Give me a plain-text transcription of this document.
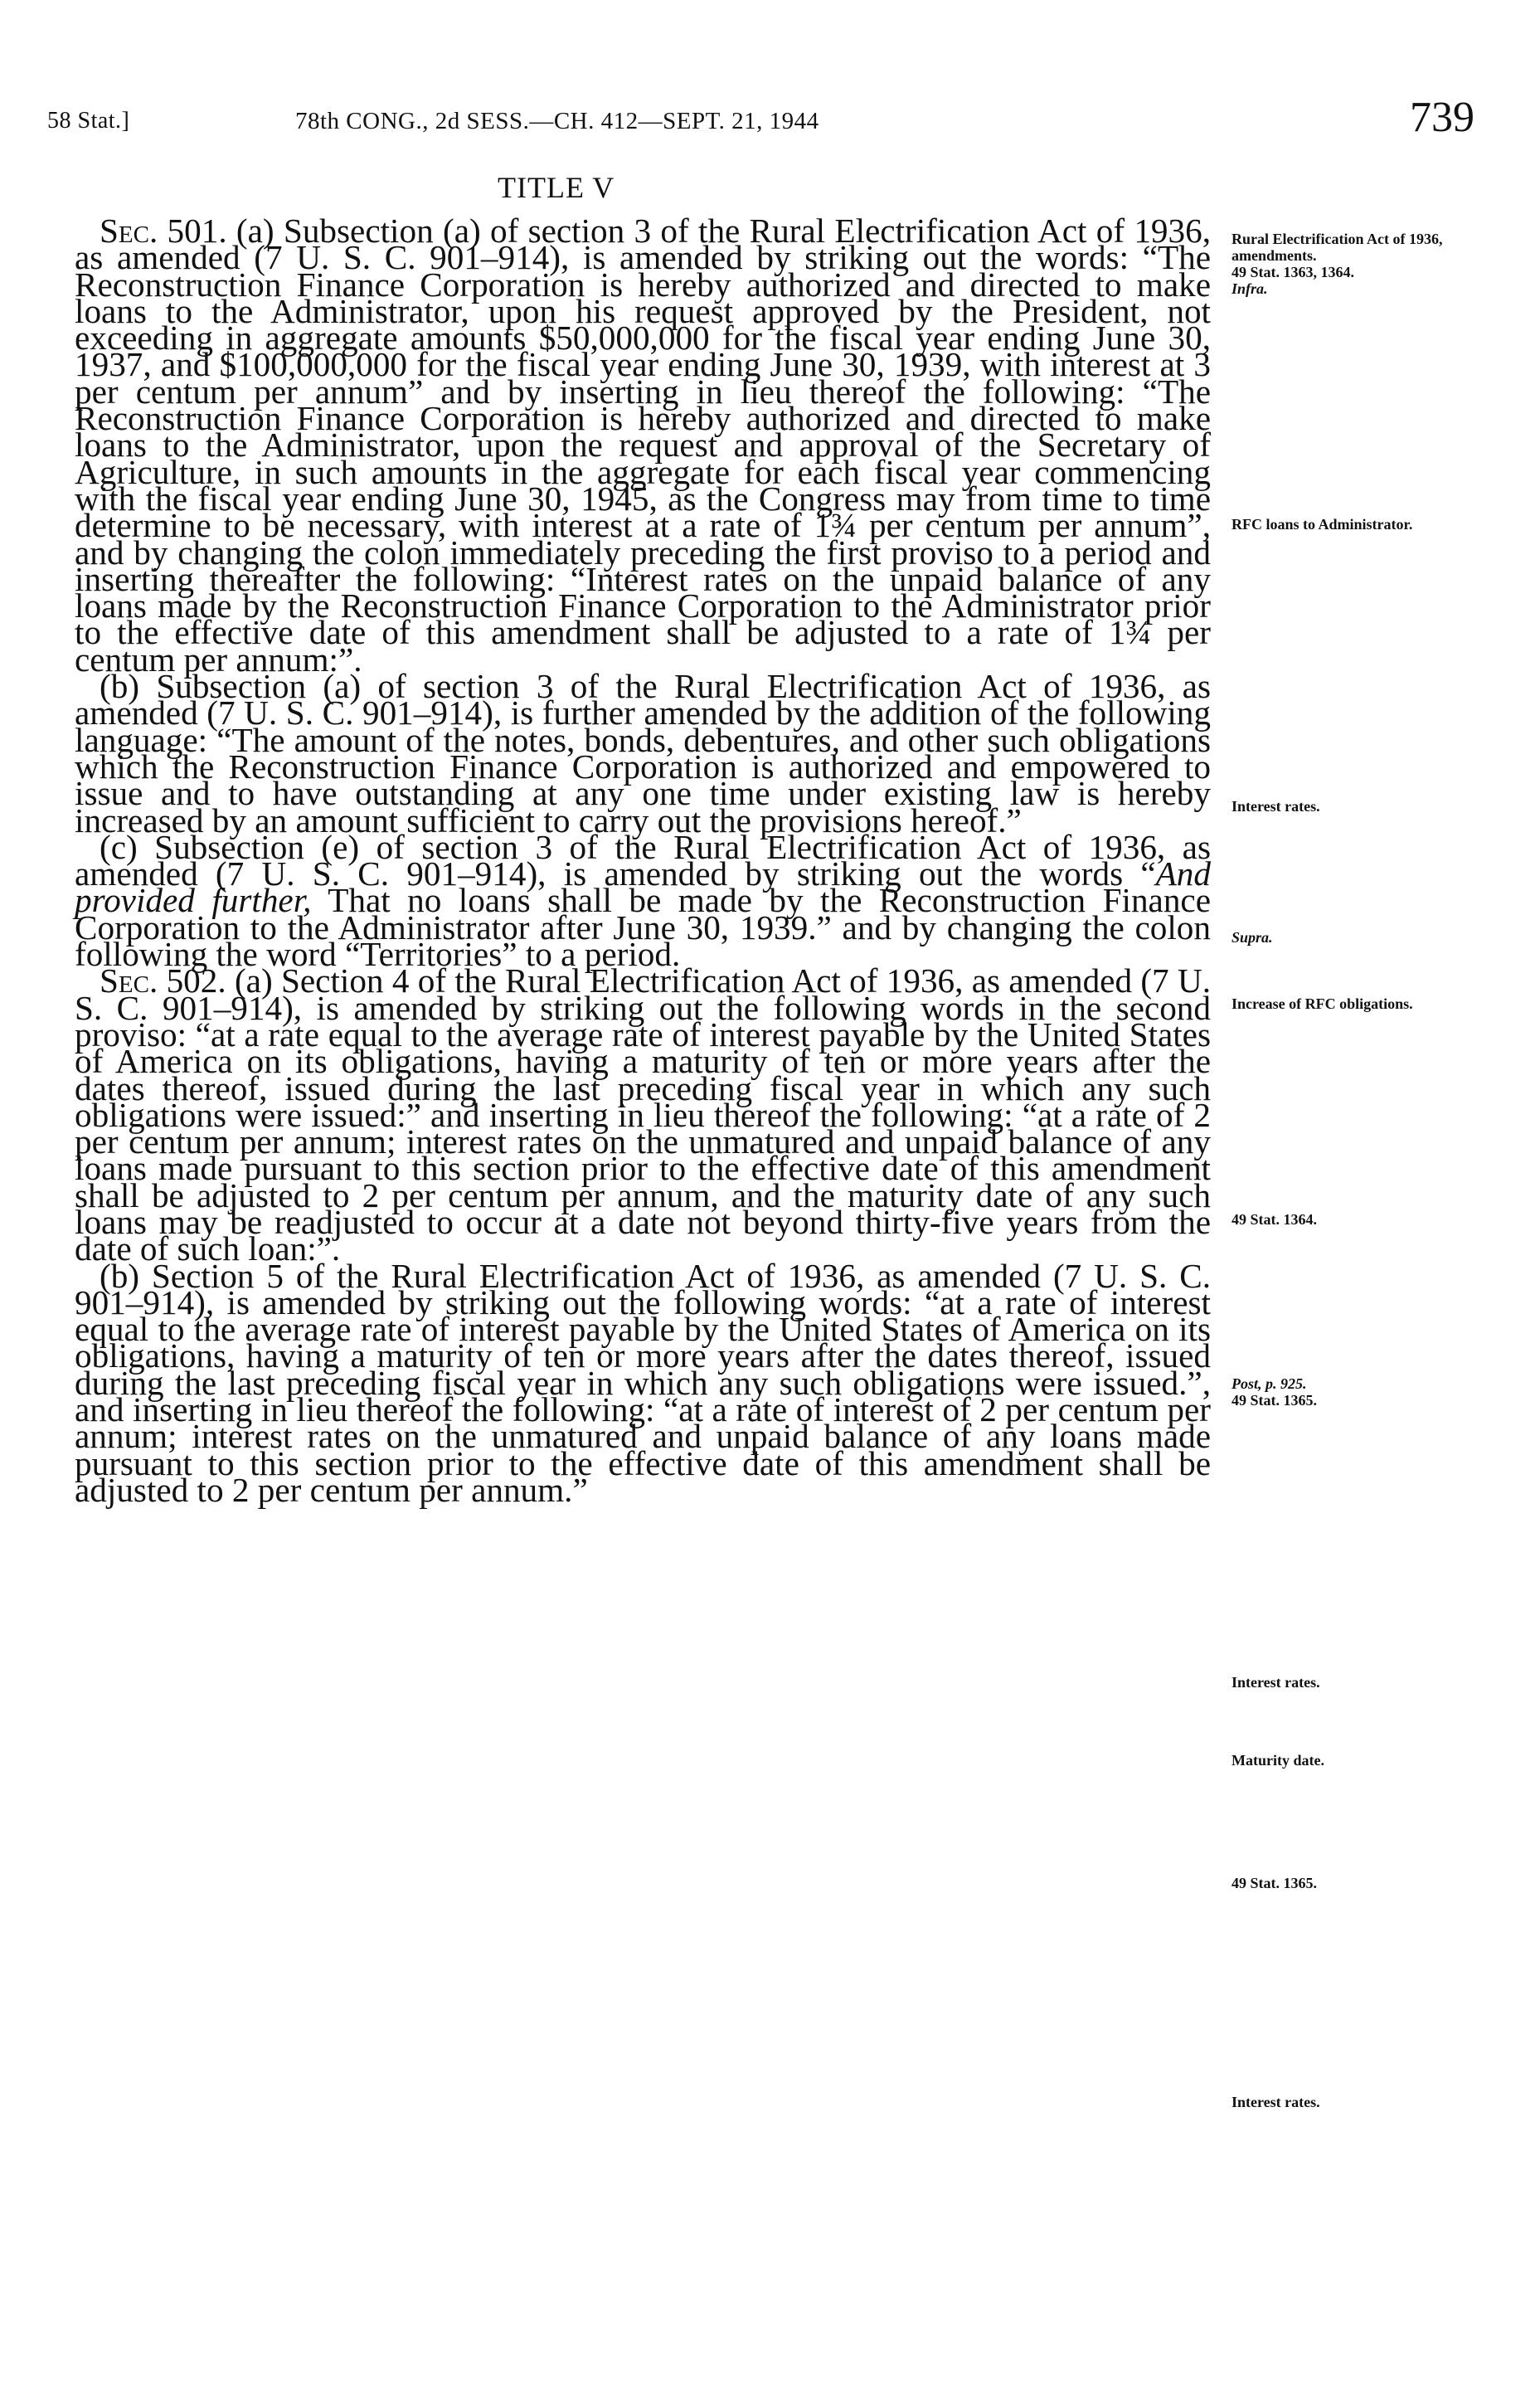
58 Stat.]	78th CONG., 2d SESS.—CH. 412—SEPT. 21, 1944	739
TITLE V

Sec. 501. (a) Subsection (a) of section 3 of the Rural Electrification Act of 1936, as amended (7 U. S. C. 901–914), is amended by striking out the words: “The Reconstruction Finance Corporation is hereby authorized and directed to make loans to the Administrator, upon his request approved by the President, not exceeding in aggregate amounts $50,000,000 for the fiscal year ending June 30, 1937, and $100,000,000 for the fiscal year ending June 30, 1939, with interest at 3 per centum per annum” and by inserting in lieu thereof the following: “The Reconstruction Finance Corporation is hereby authorized and directed to make loans to the Administrator, upon the request and approval of the Secretary of Agriculture, in such amounts in the aggregate for each fiscal year commencing with the fiscal year ending June 30, 1945, as the Congress may from time to time determine to be necessary, with interest at a rate of 1¾ per centum per annum”, and by changing the colon immediately preceding the first proviso to a period and inserting thereafter the following: “Interest rates on the unpaid balance of any loans made by the Reconstruction Finance Corporation to the Administrator prior to the effective date of this amendment shall be adjusted to a rate of 1¾ per centum per annum:”.

(b) Subsection (a) of section 3 of the Rural Electrification Act of 1936, as amended (7 U. S. C. 901–914), is further amended by the addition of the following language: “The amount of the notes, bonds, debentures, and other such obligations which the Reconstruction Finance Corporation is authorized and empowered to issue and to have outstanding at any one time under existing law is hereby increased by an amount sufficient to carry out the provisions hereof.”

(c) Subsection (e) of section 3 of the Rural Electrification Act of 1936, as amended (7 U. S. C. 901–914), is amended by striking out the words “And provided further, That no loans shall be made by the Reconstruction Finance Corporation to the Administrator after June 30, 1939.” and by changing the colon following the word “Territories” to a period.

Sec. 502. (a) Section 4 of the Rural Electrification Act of 1936, as amended (7 U. S. C. 901–914), is amended by striking out the following words in the second proviso: “at a rate equal to the average rate of interest payable by the United States of America on its obligations, having a maturity of ten or more years after the dates thereof, issued during the last preceding fiscal year in which any such obligations were issued:” and inserting in lieu thereof the following: “at a rate of 2 per centum per annum; interest rates on the unmatured and unpaid balance of any loans made pursuant to this section prior to the effective date of this amendment shall be adjusted to 2 per centum per annum, and the maturity date of any such loans may be readjusted to occur at a date not beyond thirty-five years from the date of such loan:”.

(b) Section 5 of the Rural Electrification Act of 1936, as amended (7 U. S. C. 901–914), is amended by striking out the following words: “at a rate of interest equal to the average rate of interest payable by the United States of America on its obligations, having a maturity of ten or more years after the dates thereof, issued during the last preceding fiscal year in which any such obligations were issued.”, and inserting in lieu thereof the following: “at a rate of interest of 2 per centum per annum; interest rates on the unmatured and unpaid balance of any loans made pursuant to this section prior to the effective date of this amendment shall be adjusted to 2 per centum per annum.”

Rural Electrification Act of 1936, amendments.
49 Stat. 1363, 1364.
Infra.
RFC loans to Administrator.
Interest rates.
Supra.
Increase of RFC obligations.
49 Stat. 1364.
Post, p. 925.
49 Stat. 1365.
Interest rates.
Maturity date.
49 Stat. 1365.
Interest rates.
